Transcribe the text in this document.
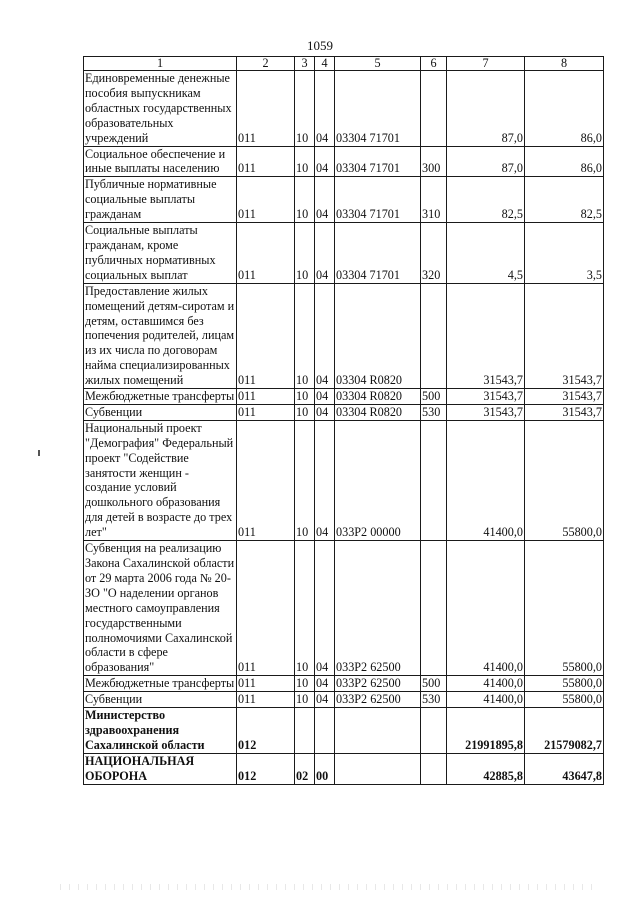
1059
1	2	3	4	5	6	7	8
Единовременные денежные пособия выпускникам областных государственных образовательных учреждений	011	10	04	03304 71701		87,0	86,0
Социальное обеспечение и иные выплаты населению	011	10	04	03304 71701	300	87,0	86,0
Публичные нормативные социальные выплаты гражданам	011	10	04	03304 71701	310	82,5	82,5
Социальные выплаты гражданам, кроме публичных нормативных социальных выплат	011	10	04	03304 71701	320	4,5	3,5
Предоставление жилых помещений детям-сиротам и детям, оставшимся без попечения родителей, лицам из их числа по договорам найма специализированных жилых помещений	011	10	04	03304 R0820		31543,7	31543,7
Межбюджетные трансферты	011	10	04	03304 R0820	500	31543,7	31543,7
Субвенции	011	10	04	03304 R0820	530	31543,7	31543,7
Национальный проект "Демография" Федеральный проект "Содействие занятости женщин - создание условий дошкольного образования для детей в возрасте до трех лет"	011	10	04	033P2 00000		41400,0	55800,0
Субвенция на реализацию Закона Сахалинской области от 29 марта 2006 года № 20-ЗО "О наделении органов местного самоуправления государственными полномочиями Сахалинской области в сфере образования"	011	10	04	033P2 62500		41400,0	55800,0
Межбюджетные трансферты	011	10	04	033P2 62500	500	41400,0	55800,0
Субвенции	011	10	04	033P2 62500	530	41400,0	55800,0
Министерство здравоохранения Сахалинской области	012					21991895,8	21579082,7
НАЦИОНАЛЬНАЯ ОБОРОНА	012	02	00			42885,8	43647,8
